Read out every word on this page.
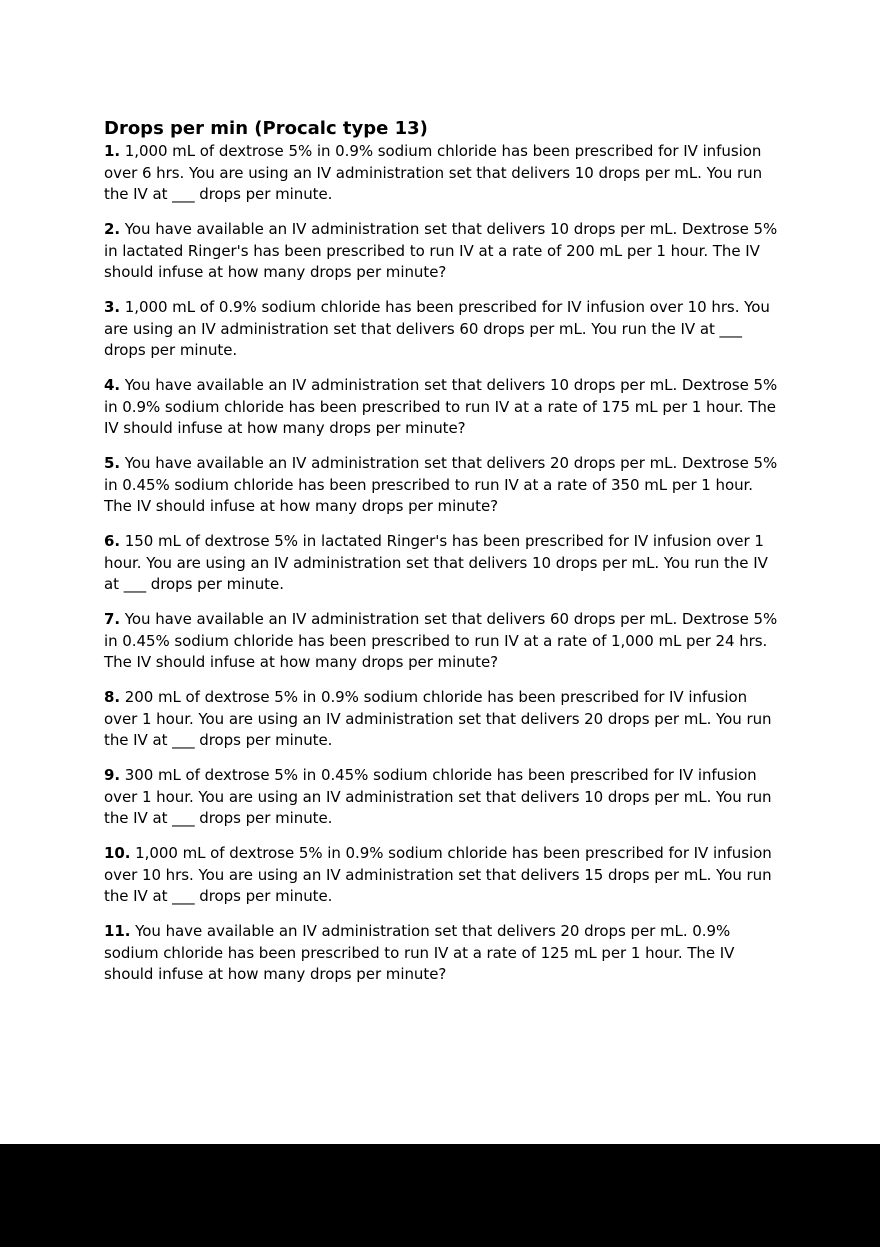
Drops per min (Procalc type 13)

1. 1,000 mL of dextrose 5% in 0.9% sodium chloride has been prescribed for IV infusion over 6 hrs. You are using an IV administration set that delivers 10 drops per mL. You run the IV at ___ drops per minute.

2. You have available an IV administration set that delivers 10 drops per mL. Dextrose 5% in lactated Ringer's has been prescribed to run IV at a rate of 200 mL per 1 hour. The IV should infuse at how many drops per minute?

3. 1,000 mL of 0.9% sodium chloride has been prescribed for IV infusion over 10 hrs. You are using an IV administration set that delivers 60 drops per mL. You run the IV at ___ drops per minute.

4. You have available an IV administration set that delivers 10 drops per mL. Dextrose 5% in 0.9% sodium chloride has been prescribed to run IV at a rate of 175 mL per 1 hour. The IV should infuse at how many drops per minute?

5. You have available an IV administration set that delivers 20 drops per mL. Dextrose 5% in 0.45% sodium chloride has been prescribed to run IV at a rate of 350 mL per 1 hour. The IV should infuse at how many drops per minute?

6. 150 mL of dextrose 5% in lactated Ringer's has been prescribed for IV infusion over 1 hour. You are using an IV administration set that delivers 10 drops per mL. You run the IV at ___ drops per minute.

7. You have available an IV administration set that delivers 60 drops per mL. Dextrose 5% in 0.45% sodium chloride has been prescribed to run IV at a rate of 1,000 mL per 24 hrs. The IV should infuse at how many drops per minute?

8. 200 mL of dextrose 5% in 0.9% sodium chloride has been prescribed for IV infusion over 1 hour. You are using an IV administration set that delivers 20 drops per mL. You run the IV at ___ drops per minute.

9. 300 mL of dextrose 5% in 0.45% sodium chloride has been prescribed for IV infusion over 1 hour. You are using an IV administration set that delivers 10 drops per mL. You run the IV at ___ drops per minute.

10. 1,000 mL of dextrose 5% in 0.9% sodium chloride has been prescribed for IV infusion over 10 hrs. You are using an IV administration set that delivers 15 drops per mL. You run the IV at ___ drops per minute.

11. You have available an IV administration set that delivers 20 drops per mL. 0.9% sodium chloride has been prescribed to run IV at a rate of 125 mL per 1 hour. The IV should infuse at how many drops per minute?
